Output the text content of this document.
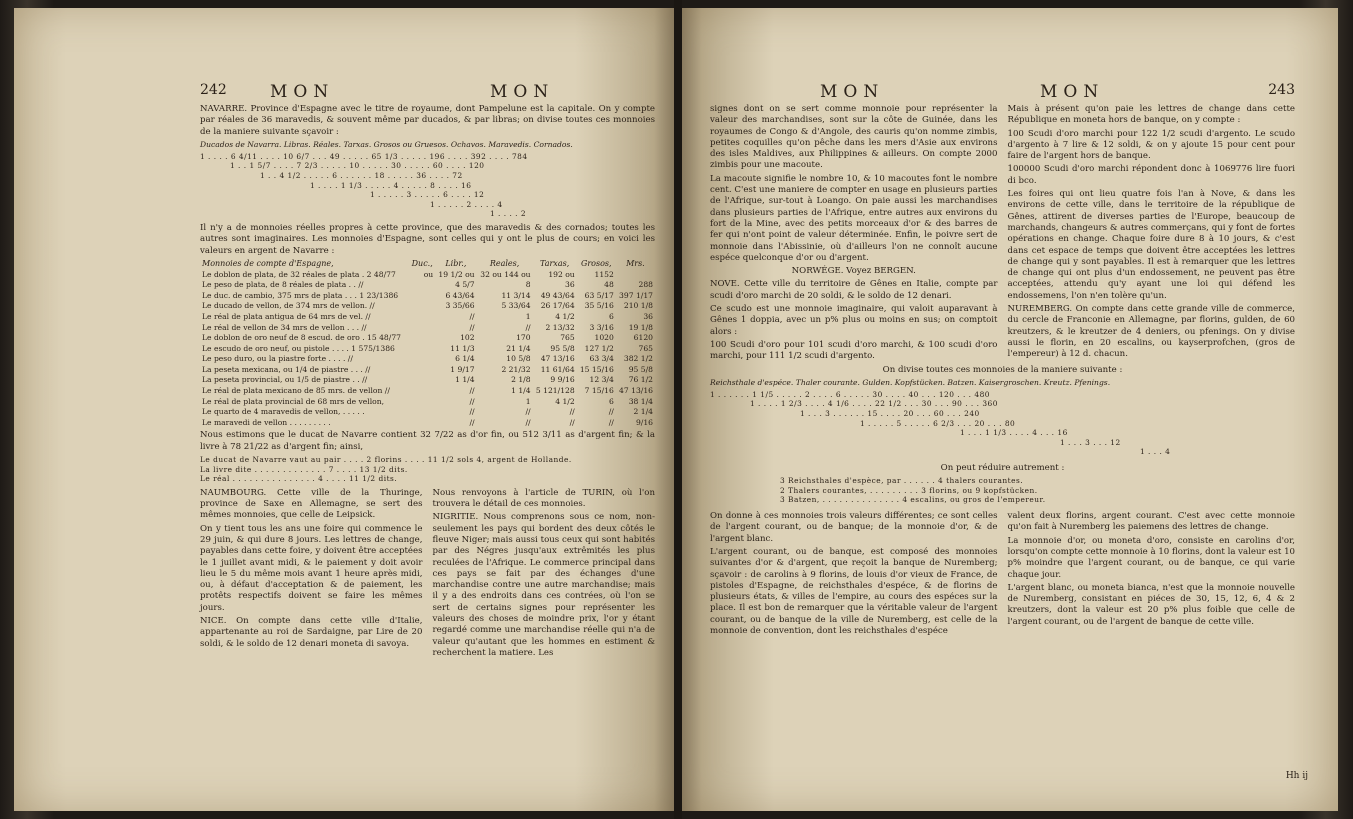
242	MON	MON

NAVARRE. Province d'Espagne avec le titre de royaume, dont Pampelune est la capitale. On y compte par réales de 36 maravedis, & souvent même par ducados, & par libras; on divise toutes ces monnoies de la maniere suivante sçavoir :

Ducados de Navarra. Libras. Réales. Tarxas. Grosos ou Gruesos. Ochavos. Maravedis. Cornados.
1 . . . . 6 4/11 . . . . 10 6/7 . . . 49 . . . . . 65 1/3 . . . . . 196 . . . . 392 . . . . 784
1 . . 1 5/7 . . . . 7 2/3 . . . . . 10 . . . . . 30 . . . . . 60 . . . . 120
1 . . 4 1/2 . . . . . 6 . . . . . . 18 . . . . . 36 . . . . 72
1 . . . . 1 1/3 . . . . . 4 . . . . . 8 . . . . 16
1 . . . . . 3 . . . . . 6 . . . . 12
1 . . . . . 2 . . . . 4
1 . . . . 2

Il n'y a de monnoies réelles propres à cette province, que des maravedis & des cornados; toutes les autres sont imaginaires. Les monnoies d'Espagne, sont celles qui y ont le plus de cours; en voici les valeurs en argent de Navarre :

Monnoies de compte d'Espagne,	Duc.,	Libr.,	Reales,	Tarxas,	Grosos,	Mrs.
Le doblon de plata, de 32 réales de plata . 2 48/77	ou	19 1/2 ou	32 ou 144 ou	192 ou	1152	
Le peso de plata, de 8 réales de plata . . //		4 5/7	8	36	48	288
Le duc. de cambio, 375 mrs de plata . . . 1 23/1386		6 43/64	11 3/14	49 43/64	63 5/17	397 1/17
Le ducado de vellon, de 374 mrs de vellon. //		3 35/66	5 33/64	26 17/64	35 5/16	210 1/8
Le réal de plata antigua de 64 mrs de vel. //		//	1	4 1/2	6	36
Le réal de vellon de 34 mrs de vellon . . . //		//	//	2 13/32	3 3/16	19 1/8
Le doblon de oro neuf de 8 escud. de oro . 15 48/77		102	170	765	1020	6120
Le escudo de oro neuf, ou pistole . . . . 1 575/1386		11 1/3	21 1/4	95 5/8	127 1/2	765
Le peso duro, ou la piastre forte . . . . //		6 1/4	10 5/8	47 13/16	63 3/4	382 1/2
La peseta mexicana, ou 1/4 de piastre . . . //		1 9/17	2 21/32	11 61/64	15 15/16	95 5/8
La peseta provincial, ou 1/5 de piastre . . //		1 1/4	2 1/8	9 9/16	12 3/4	76 1/2
Le réal de plata mexicano de 85 mrs. de vellon //		//	1 1/4	5 121/128	7 15/16	47 13/16
Le réal de plata provincial de 68 mrs de vellon,		//	1	4 1/2	6	38 1/4
Le quarto de 4 maravedis de vellon, . . . . .		//	//	//	//	2 1/4
Le maravedi de vellon . . . . . . . . .		//	//	//	//	9/16

Nous estimons que le ducat de Navarre contient 32 7/22 as d'or fin, ou 512 3/11 as d'argent fin; & la livre à 78 21/22 as d'argent fin; ainsi,

Le ducat de Navarre vaut au pair . . . . 2 florins . . . . 11 1/2 sols 4, argent de Hollande.
La livre dite . . . . . . . . . . . . . 7 . . . . 13 1/2 dits.
Le réal . . . . . . . . . . . . . . . 4 . . . . 11 1/2 dits.

NAUMBOURG. Cette ville de la Thuringe, province de Saxe en Allemagne, se sert des mêmes monnoies, que celle de Leipsick.

On y tient tous les ans une foire qui commence le 29 juin, & qui dure 8 jours. Les lettres de change, payables dans cette foire, y doivent être acceptées le 1 juillet avant midi, & le paiement y doit avoir lieu le 5 du même mois avant 1 heure après midi, ou, à défaut d'acceptation & de paiement, les protêts respectifs doivent se faire les mêmes jours.

NICE. On compte dans cette ville d'Italie, appartenante au roi de Sardaigne, par Lire de 20 soldi, & le soldo de 12 denari moneta di savoya.

Nous renvoyons à l'article de TURIN, où l'on trouvera le détail de ces monnoies.

NIGRITIE. Nous comprenons sous ce nom, non-seulement les pays qui bordent des deux côtés le fleuve Niger; mais aussi tous ceux qui sont habités par des Négres jusqu'aux extrêmités les plus reculées de l'Afrique. Le commerce principal dans ces pays se fait par des échanges d'une marchandise contre une autre marchandise; mais il y a des endroits dans ces contrées, où l'on se sert de certains signes pour représenter les valeurs des choses de moindre prix, l'or y étant regardé comme une marchandise réelle qui n'a de valeur qu'autant que les hommes en estiment & recherchent la matiere. Les

MON	MON	243

signes dont on se sert comme monnoie pour représenter la valeur des marchandises, sont sur la côte de Guinée, dans les royaumes de Congo & d'Angole, des cauris qu'on nomme zimbis, petites coquilles qu'on pêche dans les mers d'Asie aux environs des isles Maldives, aux Philippines & ailleurs. On compte 2000 zimbis pour une macoute.

La macoute signifie le nombre 10, & 10 macoutes font le nombre cent. C'est une maniere de compter en usage en plusieurs parties de l'Afrique, sur-tout à Loango. On paie aussi les marchandises dans plusieurs parties de l'Afrique, entre autres aux environs du fort de la Mine, avec des petits morceaux d'or & des barres de fer qui n'ont point de valeur déterminée. Enfin, le poivre sert de monnoie dans l'Abissinie, où d'ailleurs l'on ne connoît aucune espéce quelconque d'or ou d'argent.

NORWÉGE. Voyez BERGEN.

NOVE. Cette ville du territoire de Gênes en Italie, compte par scudi d'oro marchi de 20 soldi, & le soldo de 12 denari.

Ce scudo est une monnoie imaginaire, qui valoit auparavant à Gênes 1 doppia, avec un p% plus ou moins en sus; on comptoit alors :

100 Scudi d'oro pour 101 scudi d'oro marchi, & 100 scudi d'oro marchi, pour 111 1/2 scudi d'argento.

Mais à présent qu'on paie les lettres de change dans cette République en moneta hors de banque, on y compte :

100 Scudi d'oro marchi pour 122 1/2 scudi d'argento. Le scudo d'argento à 7 lire & 12 soldi, & on y ajoute 15 pour cent pour faire de l'argent hors de banque.

100000 Scudi d'oro marchi répondent donc à 1069776 lire fuori di bco.

Les foires qui ont lieu quatre fois l'an à Nove, & dans les environs de cette ville, dans le territoire de la république de Gênes, attirent de diverses parties de l'Europe, beaucoup de marchands, changeurs & autres commerçans, qui y font de fortes opérations en change. Chaque foire dure 8 à 10 jours, & c'est dans cet espace de temps que doivent être acceptées les lettres de change qui y sont payables. Il est à remarquer que les lettres de change qui ont plus d'un endossement, ne peuvent pas être acceptées, attendu qu'y ayant une loi qui défend les endossemens, l'on n'en tolère qu'un.

NUREMBERG. On compte dans cette grande ville de commerce, du cercle de Franconie en Allemagne, par florins, gulden, de 60 kreutzers, & le kreutzer de 4 deniers, ou pfenings. On y divise aussi le florin, en 20 escalins, ou kayserprofchen, (gros de l'empereur) à 12 d. chacun.

On divise toutes ces monnoies de la maniere suivante :

Reichsthale d'espéce. Thaler courante. Gulden. Kopfstücken. Batzen. Kaisergroschen. Kreutz. Pfenings.
1 . . . . . . 1 1/5 . . . . . 2 . . . . 6 . . . . . 30 . . . . 40 . . . 120 . . . 480
1 . . . . 1 2/3 . . . . 4 1/6 . . . . 22 1/2 . . . 30 . . . 90 . . . 360
1 . . . 3 . . . . . . 15 . . . . 20 . . . 60 . . . 240
1 . . . . . 5 . . . . . 6 2/3 . . . 20 . . . 80
1 . . . 1 1/3 . . . . 4 . . . 16
1 . . . 3 . . . 12
1 . . . 4

On peut réduire autrement :

3 Reichsthales d'espèce, par . . . . . . 4 thalers courantes.
2 Thalers courantes, . . . . . . . . . 3 florins, ou 9 kopfstücken.
3 Batzen, . . . . . . . . . . . . . . 4 escalins, ou gros de l'empereur.

On donne à ces monnoies trois valeurs différentes; ce sont celles de l'argent courant, ou de banque; de la monnoie d'or, & de l'argent blanc.

L'argent courant, ou de banque, est composé des monnoies suivantes d'or & d'argent, que reçoit la banque de Nuremberg; sçavoir : de carolins à 9 florins, de louis d'or vieux de France, de pistoles d'Espagne, de reichsthales d'espéce, & de florins de plusieurs états, & villes de l'empire, au cours des espéces sur la place. Il est bon de remarquer que la véritable valeur de l'argent courant, ou de banque de la ville de Nuremberg, est celle de la monnoie de convention, dont les reichsthales d'espéce

valent deux florins, argent courant. C'est avec cette monnoie qu'on fait à Nuremberg les paiemens des lettres de change.

La monnoie d'or, ou moneta d'oro, consiste en carolins d'or, lorsqu'on compte cette monnoie à 10 florins, dont la valeur est 10 p% moindre que l'argent courant, ou de banque, ce qui varie chaque jour.

L'argent blanc, ou moneta bianca, n'est que la monnoie nouvelle de Nuremberg, consistant en piéces de 30, 15, 12, 6, 4 & 2 kreutzers, dont la valeur est 20 p% plus foible que celle de l'argent courant, ou de l'argent de banque de cette ville.

Hh ij
